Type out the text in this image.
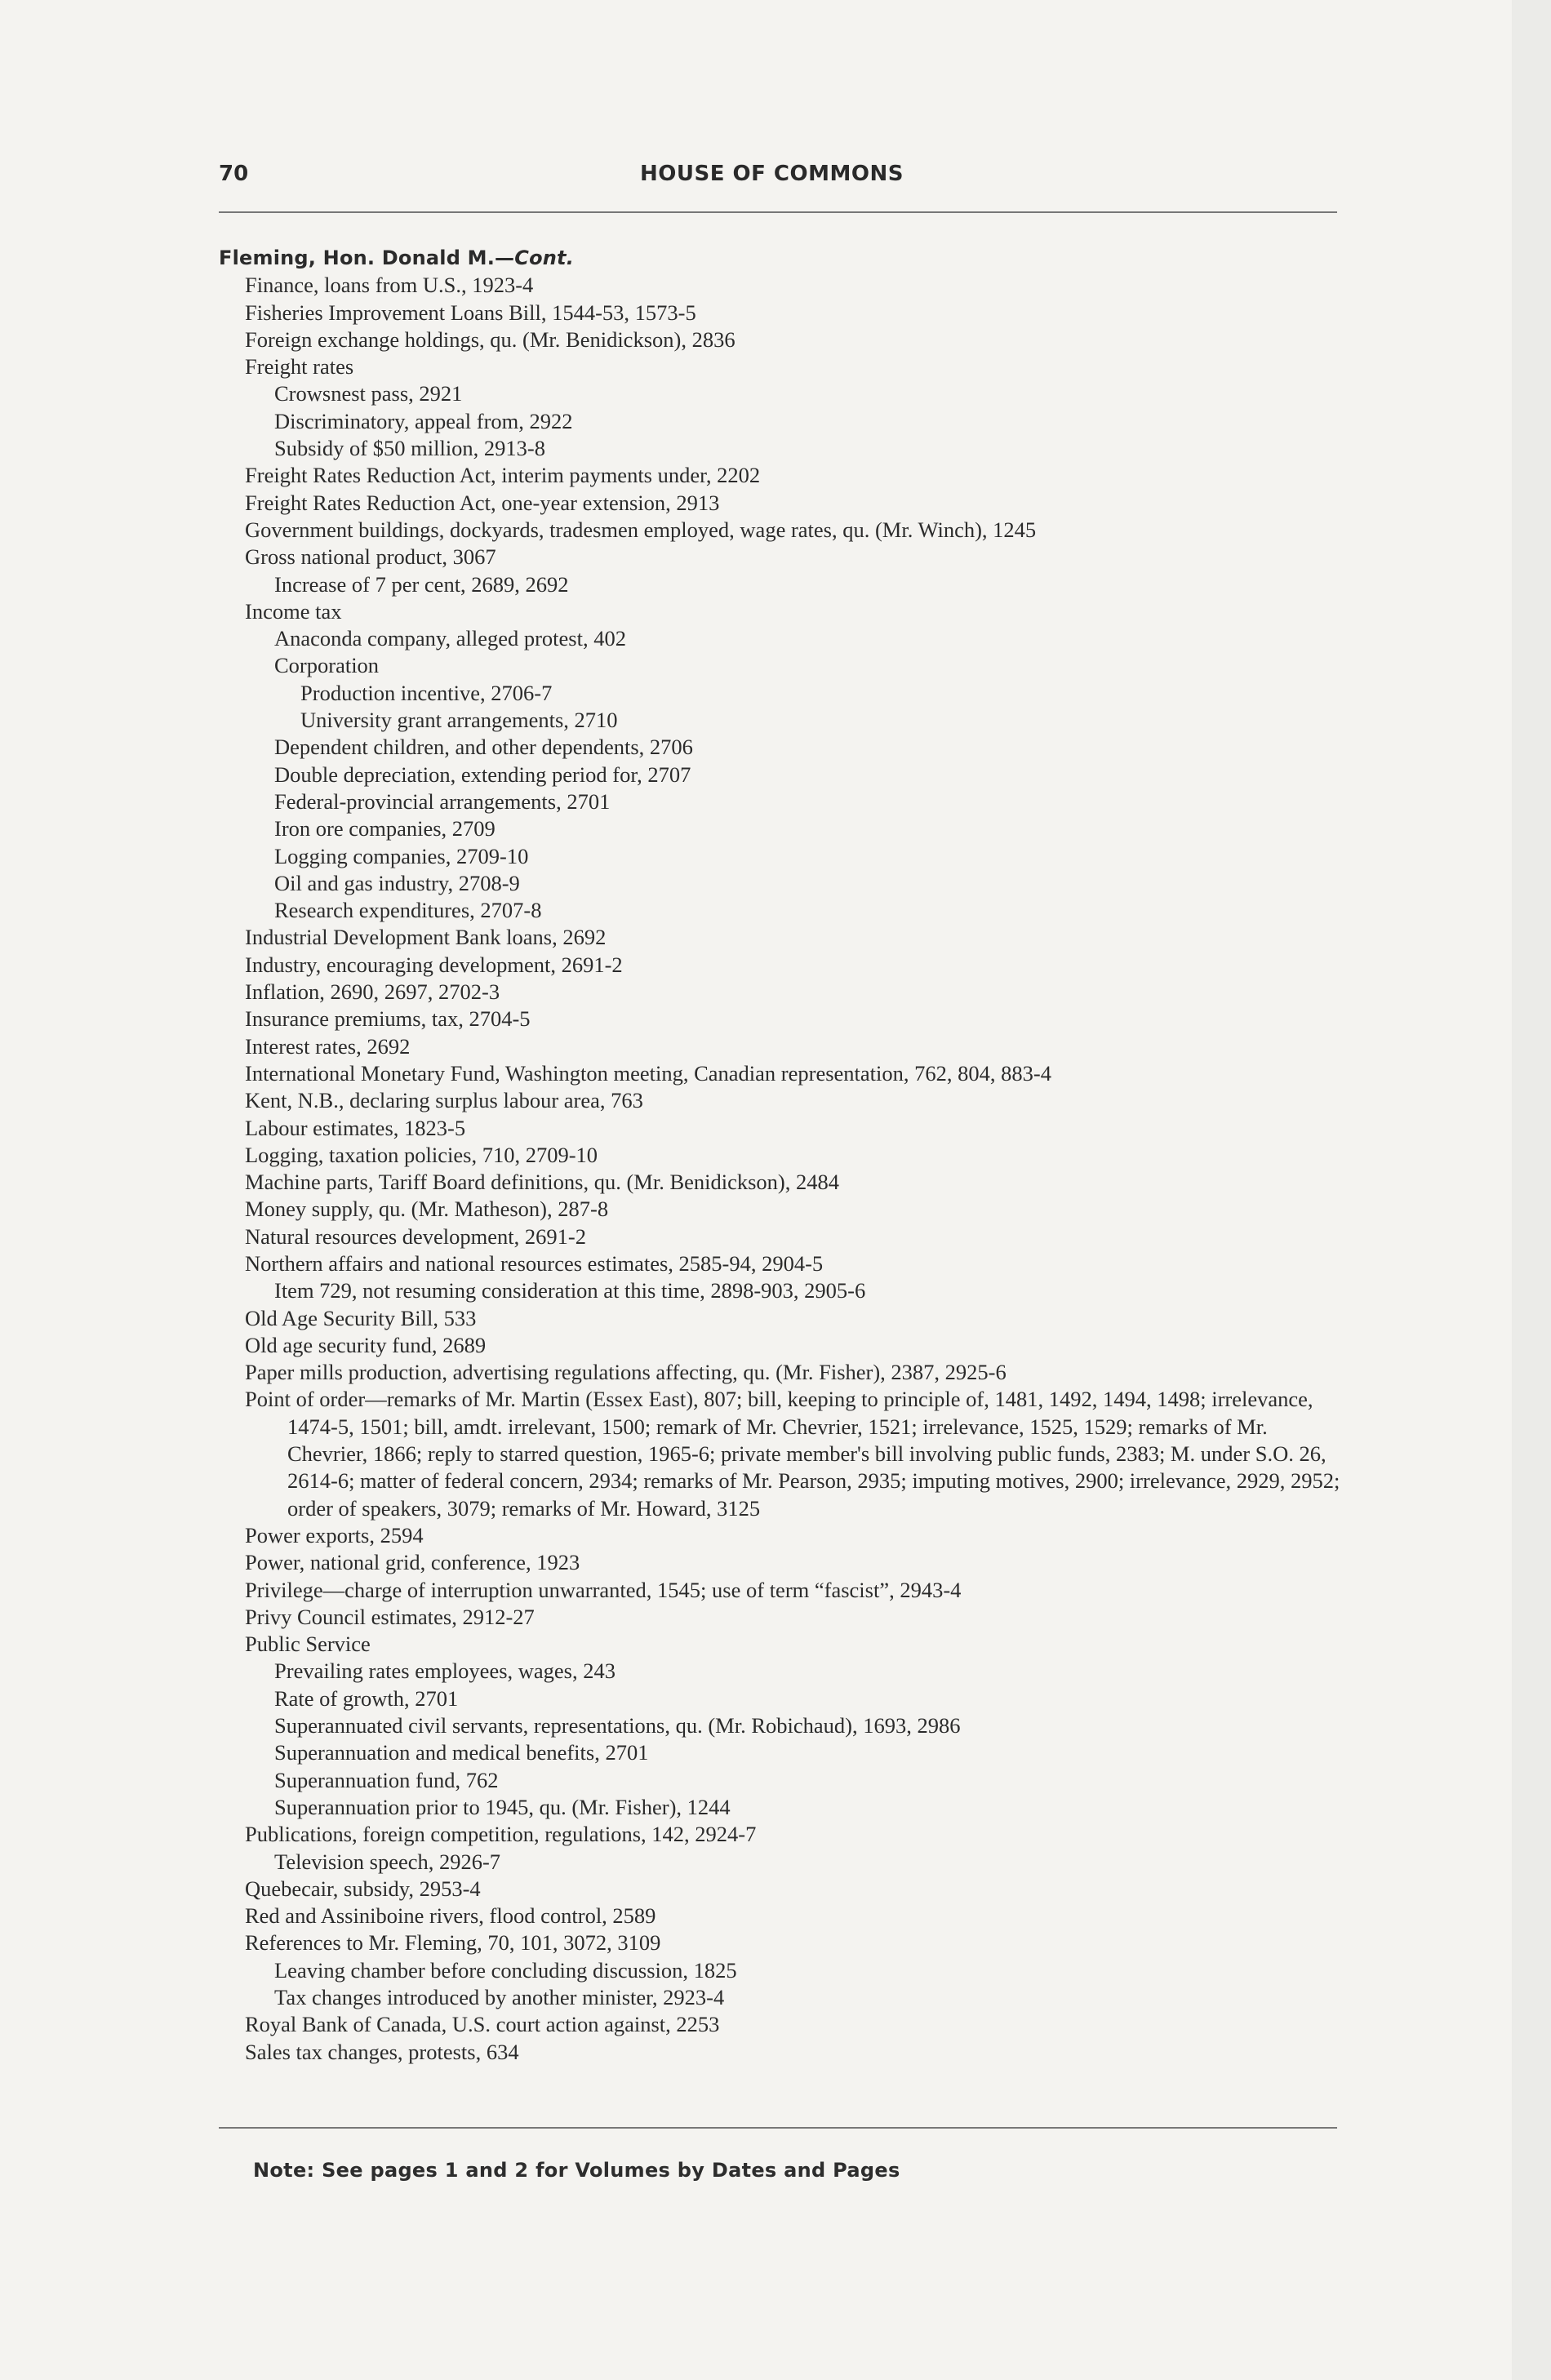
70	HOUSE OF COMMONS
Fleming, Hon. Donald M.—Cont.
Finance, loans from U.S., 1923-4
Fisheries Improvement Loans Bill, 1544-53, 1573-5
Foreign exchange holdings, qu. (Mr. Benidickson), 2836
Freight rates
Crowsnest pass, 2921
Discriminatory, appeal from, 2922
Subsidy of $50 million, 2913-8
Freight Rates Reduction Act, interim payments under, 2202
Freight Rates Reduction Act, one-year extension, 2913
Government buildings, dockyards, tradesmen employed, wage rates, qu. (Mr. Winch), 1245
Gross national product, 3067
Increase of 7 per cent, 2689, 2692
Income tax
Anaconda company, alleged protest, 402
Corporation
Production incentive, 2706-7
University grant arrangements, 2710
Dependent children, and other dependents, 2706
Double depreciation, extending period for, 2707
Federal-provincial arrangements, 2701
Iron ore companies, 2709
Logging companies, 2709-10
Oil and gas industry, 2708-9
Research expenditures, 2707-8
Industrial Development Bank loans, 2692
Industry, encouraging development, 2691-2
Inflation, 2690, 2697, 2702-3
Insurance premiums, tax, 2704-5
Interest rates, 2692
International Monetary Fund, Washington meeting, Canadian representation, 762, 804, 883-4
Kent, N.B., declaring surplus labour area, 763
Labour estimates, 1823-5
Logging, taxation policies, 710, 2709-10
Machine parts, Tariff Board definitions, qu. (Mr. Benidickson), 2484
Money supply, qu. (Mr. Matheson), 287-8
Natural resources development, 2691-2
Northern affairs and national resources estimates, 2585-94, 2904-5
Item 729, not resuming consideration at this time, 2898-903, 2905-6
Old Age Security Bill, 533
Old age security fund, 2689
Paper mills production, advertising regulations affecting, qu. (Mr. Fisher), 2387, 2925-6
Point of order—remarks of Mr. Martin (Essex East), 807; bill, keeping to principle of, 1481, 1492, 1494, 1498; irrelevance, 1474-5, 1501; bill, amdt. irrelevant, 1500; remark of Mr. Chevrier, 1521; irrelevance, 1525, 1529; remarks of Mr. Chevrier, 1866; reply to starred question, 1965-6; private member's bill involving public funds, 2383; M. under S.O. 26, 2614-6; matter of federal concern, 2934; remarks of Mr. Pearson, 2935; imputing motives, 2900; irrelevance, 2929, 2952; order of speakers, 3079; remarks of Mr. Howard, 3125
Power exports, 2594
Power, national grid, conference, 1923
Privilege—charge of interruption unwarranted, 1545; use of term “fascist”, 2943-4
Privy Council estimates, 2912-27
Public Service
Prevailing rates employees, wages, 243
Rate of growth, 2701
Superannuated civil servants, representations, qu. (Mr. Robichaud), 1693, 2986
Superannuation and medical benefits, 2701
Superannuation fund, 762
Superannuation prior to 1945, qu. (Mr. Fisher), 1244
Publications, foreign competition, regulations, 142, 2924-7
Television speech, 2926-7
Quebecair, subsidy, 2953-4
Red and Assiniboine rivers, flood control, 2589
References to Mr. Fleming, 70, 101, 3072, 3109
Leaving chamber before concluding discussion, 1825
Tax changes introduced by another minister, 2923-4
Royal Bank of Canada, U.S. court action against, 2253
Sales tax changes, protests, 634
Note: See pages 1 and 2 for Volumes by Dates and Pages
